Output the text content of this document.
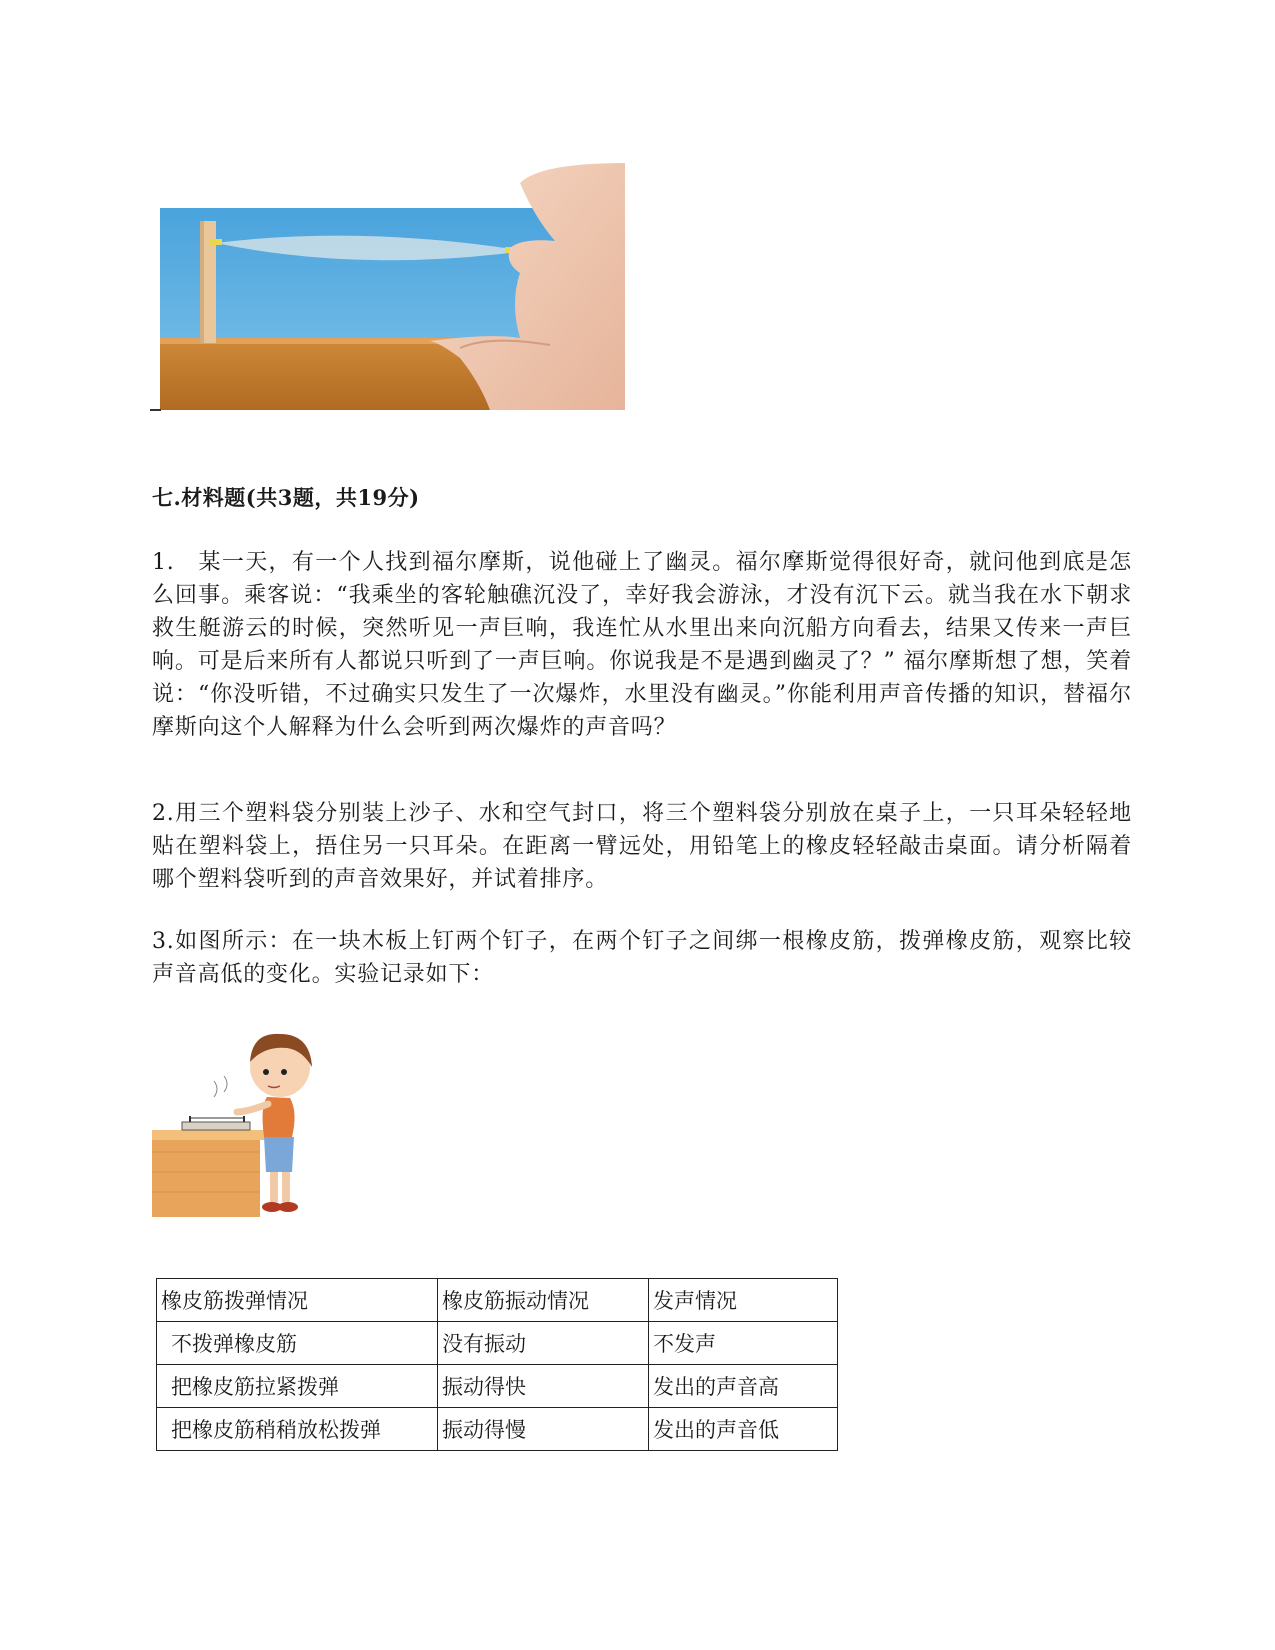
七.材料题(共3题，共19分)
1.　某一天，有一个人找到福尔摩斯，说他碰上了幽灵。福尔摩斯觉得很好奇，就问他到底是怎么回事。乘客说：“我乘坐的客轮触礁沉没了，幸好我会游泳，才没有沉下云。就当我在水下朝求救生艇游云的时候，突然听见一声巨响，我连忙从水里出来向沉船方向看去，结果又传来一声巨响。可是后来所有人都说只听到了一声巨响。你说我是不是遇到幽灵了？” 福尔摩斯想了想，笑着说：“你没听错，不过确实只发生了一次爆炸，水里没有幽灵。”你能利用声音传播的知识，替福尔摩斯向这个人解释为什么会听到两次爆炸的声音吗？
2.用三个塑料袋分别装上沙子、水和空气封口，将三个塑料袋分别放在桌子上，一只耳朵轻轻地贴在塑料袋上，捂住另一只耳朵。在距离一臂远处，用铅笔上的橡皮轻轻敲击桌面。请分析隔着哪个塑料袋听到的声音效果好，并试着排序。
3.如图所示：在一块木板上钉两个钉子，在两个钉子之间绑一根橡皮筋，拨弹橡皮筋，观察比较声音高低的变化。实验记录如下：
橡皮筋拨弹情况	橡皮筋振动情况	发声情况
不拨弹橡皮筋	没有振动	不发声
把橡皮筋拉紧拨弹	振动得快	发出的声音高
把橡皮筋稍稍放松拨弹	振动得慢	发出的声音低
